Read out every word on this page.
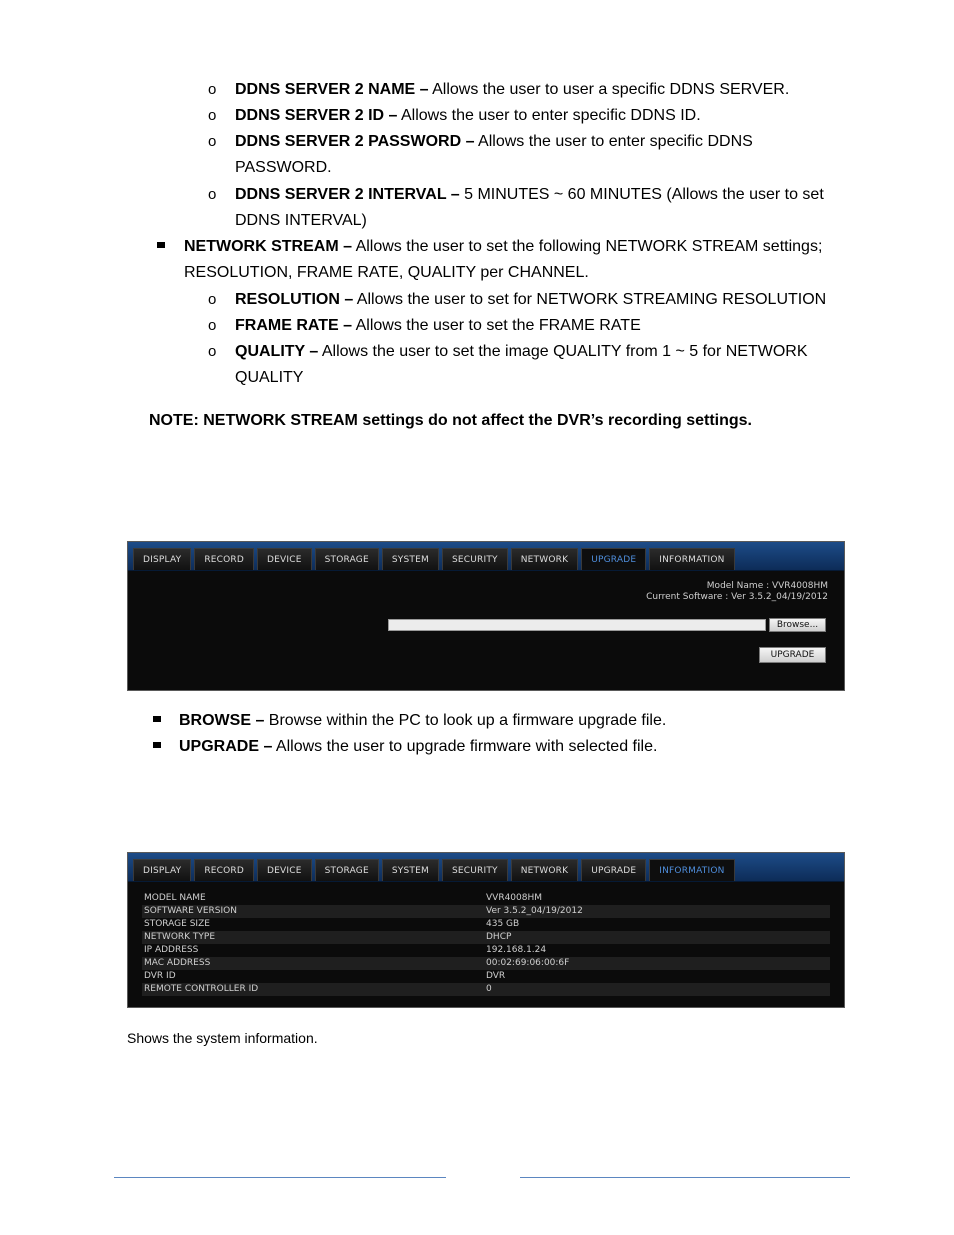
o	DDNS SERVER 2 NAME – Allows the user to user a specific DDNS SERVER.
o	DDNS SERVER 2 ID – Allows the user to enter specific DDNS ID.
o	DDNS SERVER 2 PASSWORD – Allows the user to enter specific DDNS
PASSWORD.
o	DDNS SERVER 2 INTERVAL – 5 MINUTES ~ 60 MINUTES (Allows the user to set
DDNS INTERVAL)
NETWORK STREAM – Allows the user to set the following NETWORK STREAM settings;
RESOLUTION, FRAME RATE, QUALITY per CHANNEL.
o	RESOLUTION – Allows the user to set for NETWORK STREAMING RESOLUTION
o	FRAME RATE – Allows the user to set the FRAME RATE
o	QUALITY – Allows the user to set the image QUALITY from 1 ~ 5 for NETWORK
QUALITY
NOTE: NETWORK STREAM settings do not affect the DVR’s recording settings.
DISPLAY	RECORD	DEVICE	STORAGE	SYSTEM	SECURITY	NETWORK	UPGRADE	INFORMATION
Model Name : VVR4008HM
Current Software : Ver 3.5.2_04/19/2012
Browse...
UPGRADE
BROWSE – Browse within the PC to look up a firmware upgrade file.
UPGRADE – Allows the user to upgrade firmware with selected file.
DISPLAY	RECORD	DEVICE	STORAGE	SYSTEM	SECURITY	NETWORK	UPGRADE	INFORMATION
MODEL NAME	VVR4008HM
SOFTWARE VERSION	Ver 3.5.2_04/19/2012
STORAGE SIZE	435 GB
NETWORK TYPE	DHCP
IP ADDRESS	192.168.1.24
MAC ADDRESS	00:02:69:06:00:6F
DVR ID	DVR
REMOTE CONTROLLER ID	0
Shows the system information.
